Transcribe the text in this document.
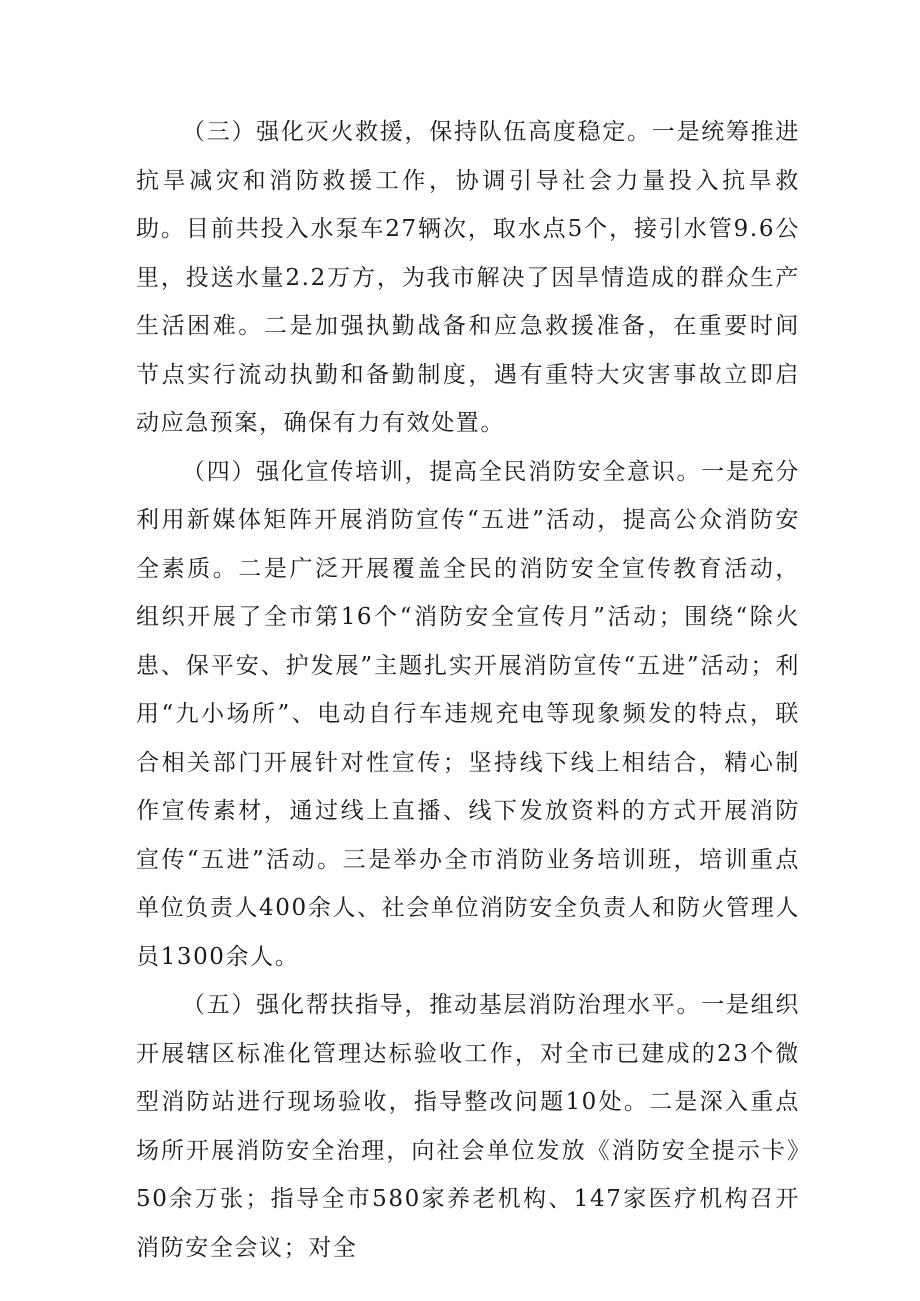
（三）强化灭火救援，保持队伍高度稳定。一是统筹推进抗旱减灾和消防救援工作，协调引导社会力量投入抗旱救助。目前共投入水泵车27辆次，取水点5个，接引水管9.6公里，投送水量2.2万方，为我市解决了因旱情造成的群众生产生活困难。二是加强执勤战备和应急救援准备，在重要时间节点实行流动执勤和备勤制度，遇有重特大灾害事故立即启动应急预案，确保有力有效处置。

（四）强化宣传培训，提高全民消防安全意识。一是充分利用新媒体矩阵开展消防宣传“五进”活动，提高公众消防安全素质。二是广泛开展覆盖全民的消防安全宣传教育活动，组织开展了全市第16个“消防安全宣传月”活动；围绕“除火患、保平安、护发展”主题扎实开展消防宣传“五进”活动；利用“九小场所”、电动自行车违规充电等现象频发的特点，联合相关部门开展针对性宣传；坚持线下线上相结合，精心制作宣传素材，通过线上直播、线下发放资料的方式开展消防宣传“五进”活动。三是举办全市消防业务培训班，培训重点单位负责人400余人、社会单位消防安全负责人和防火管理人员1300余人。

（五）强化帮扶指导，推动基层消防治理水平。一是组织开展辖区标准化管理达标验收工作，对全市已建成的23个微型消防站进行现场验收，指导整改问题10处。二是深入重点场所开展消防安全治理，向社会单位发放《消防安全提示卡》50余万张；指导全市580家养老机构、147家医疗机构召开消防安全会议；对全
